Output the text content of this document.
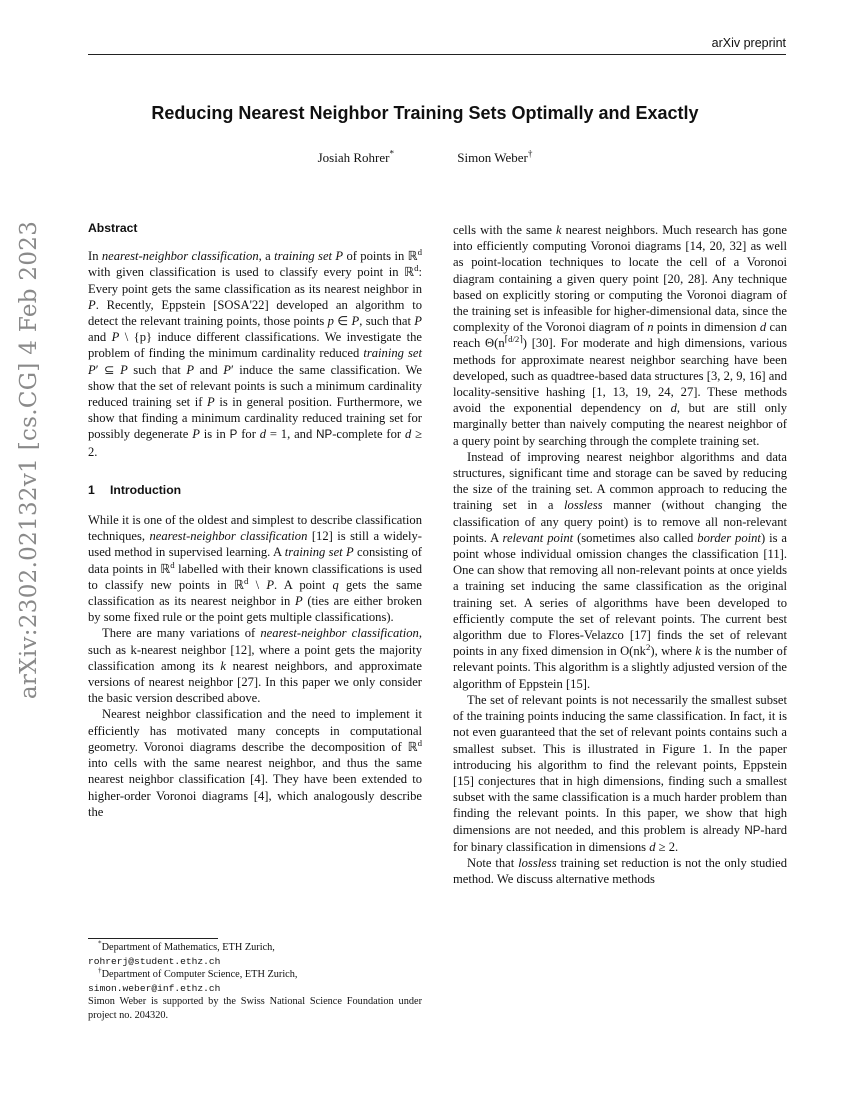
arXiv preprint
arXiv:2302.02132v1 [cs.CG] 4 Feb 2023
Reducing Nearest Neighbor Training Sets Optimally and Exactly
Josiah Rohrer*	Simon Weber†
Abstract

In nearest-neighbor classification, a training set P of points in ℝ$^d$ with given classification is used to classify every point in ℝ$^d$: Every point gets the same classification as its nearest neighbor in P. Recently, Eppstein [SOSA'22] developed an algorithm to detect the relevant training points, those points p ∈ P, such that P and P \ {p} induce different classifications. We investigate the problem of finding the minimum cardinality reduced training set P′ ⊆ P such that P and P′ induce the same classification. We show that the set of relevant points is such a minimum cardinality reduced training set if P is in general position. Furthermore, we show that finding a minimum cardinality reduced training set for possibly degenerate P is in P for d = 1, and NP-complete for d ≥ 2.

1 Introduction

While it is one of the oldest and simplest to describe classification techniques, nearest-neighbor classification [12] is still a widely-used method in supervised learning. A training set P consisting of data points in ℝ$^d$ labelled with their known classifications is used to classify new points in ℝ$^d$ \ P. A point q gets the same classification as its nearest neighbor in P (ties are either broken by some fixed rule or the point gets multiple classifications).

There are many variations of nearest-neighbor classification, such as k-nearest neighbor [12], where a point gets the majority classification among its k nearest neighbors, and approximate versions of nearest neighbor [27]. In this paper we only consider the basic version described above.

Nearest neighbor classification and the need to implement it efficiently has motivated many concepts in computational geometry. Voronoi diagrams describe the decomposition of ℝ$^d$ into cells with the same nearest neighbor, and thus the same nearest neighbor classification [4]. They have been extended to higher-order Voronoi diagrams [4], which analogously describe the

cells with the same k nearest neighbors. Much research has gone into efficiently computing Voronoi diagrams [14, 20, 32] as well as point-location techniques to locate the cell of a Voronoi diagram containing a given query point [20, 28]. Any technique based on explicitly storing or computing the Voronoi diagram of the training set is infeasible for higher-dimensional data, since the complexity of the Voronoi diagram of n points in dimension d can reach $\Theta(n^{⌈d/2⌉})$ [30]. For moderate and high dimensions, various methods for approximate nearest neighbor searching have been developed, such as quadtree-based data structures [3, 2, 9, 16] and locality-sensitive hashing [1, 13, 19, 24, 27]. These methods avoid the exponential dependency on d, but are still only marginally better than naively computing the nearest neighbor of a query point by searching through the complete training set.

Instead of improving nearest neighbor algorithms and data structures, significant time and storage can be saved by reducing the size of the training set. A common approach to reducing the training set in a lossless manner (without changing the classification of any query point) is to remove all non-relevant points. A relevant point (sometimes also called border point) is a point whose individual omission changes the classification [11]. One can show that removing all non-relevant points at once yields a training set inducing the same classification as the original training set. A series of algorithms have been developed to efficiently compute the set of relevant points. The current best algorithm due to Flores-Velazco [17] finds the set of relevant points in any fixed dimension in $O(nk^2)$, where k is the number of relevant points. This algorithm is a slightly adjusted version of the algorithm of Eppstein [15].

The set of relevant points is not necessarily the smallest subset of the training points inducing the same classification. In fact, it is not even guaranteed that the set of relevant points contains such a smallest subset. This is illustrated in Figure 1. In the paper introducing his algorithm to find the relevant points, Eppstein [15] conjectures that in high dimensions, finding such a smallest subset with the same classification is a much harder problem than finding the relevant points. In this paper, we show that high dimensions are not needed, and this problem is already NP-hard for binary classification in dimensions d ≥ 2.

Note that lossless training set reduction is not the only studied method. We discuss alternative methods

*Department of Mathematics, ETH Zurich,
rohrerj@student.ethz.ch
†Department of Computer Science, ETH Zurich,
simon.weber@inf.ethz.ch
Simon Weber is supported by the Swiss National Science Foundation under project no. 204320.
